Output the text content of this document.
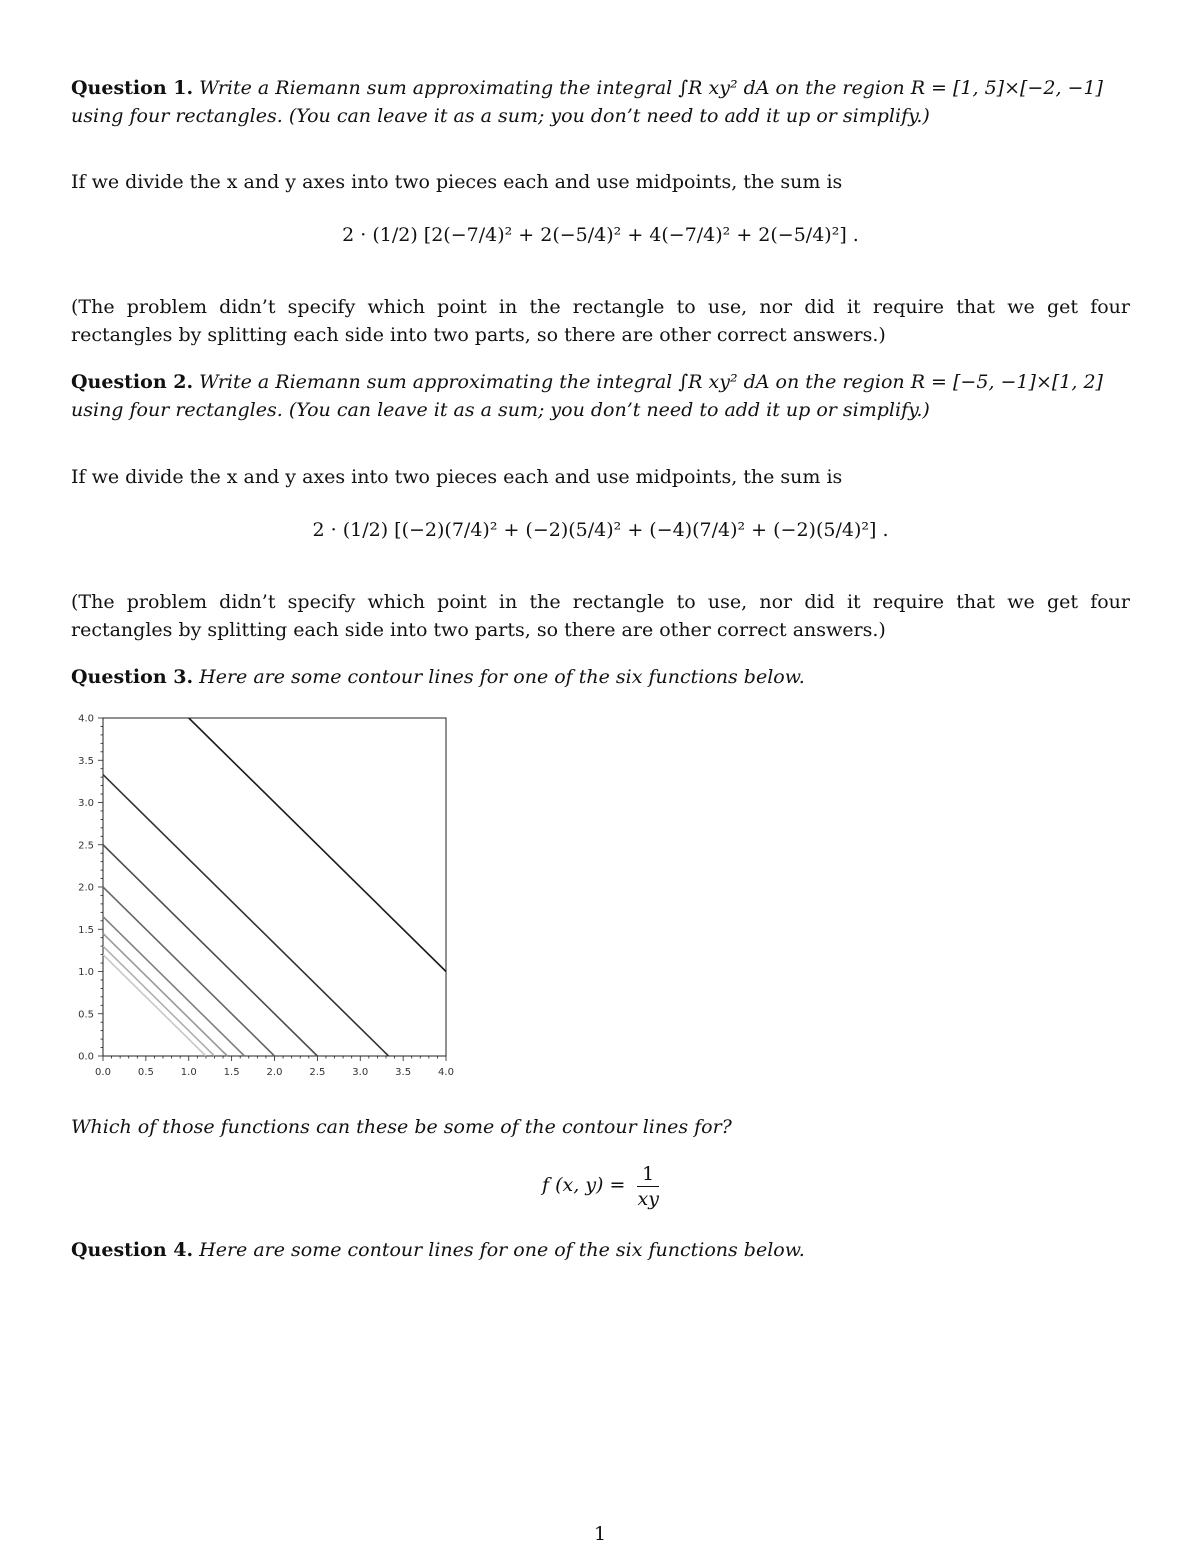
Question 1. Write a Riemann sum approximating the integral ∫R xy² dA on the region R = [1, 5]×[−2, −1]
using four rectangles. (You can leave it as a sum; you don’t need to add it up or simplify.)
If we divide the x and y axes into two pieces each and use midpoints, the sum is
2 · (1/2) [2(−7/4)² + 2(−5/4)² + 4(−7/4)² + 2(−5/4)²] .
(The problem didn’t specify which point in the rectangle to use, nor did it require that we get four
rectangles by splitting each side into two parts, so there are other correct answers.)
Question 2. Write a Riemann sum approximating the integral ∫R xy² dA on the region R = [−5, −1]×[1, 2]
using four rectangles. (You can leave it as a sum; you don’t need to add it up or simplify.)
If we divide the x and y axes into two pieces each and use midpoints, the sum is
2 · (1/2) [(−2)(7/4)² + (−2)(5/4)² + (−4)(7/4)² + (−2)(5/4)²] .
(The problem didn’t specify which point in the rectangle to use, nor did it require that we get four
rectangles by splitting each side into two parts, so there are other correct answers.)
Question 3. Here are some contour lines for one of the six functions below.
Which of those functions can these be some of the contour lines for?
f (x, $y) = \frac{1}{xy}$
Question 4. Here are some contour lines for one of the six functions below.
0.0	0.5	1.0	1.5	2.0	2.5	3.0	3.5	4.0
0.0
0.5
1.0
1.5
2.0
2.5
3.0
3.5
4.0
1
